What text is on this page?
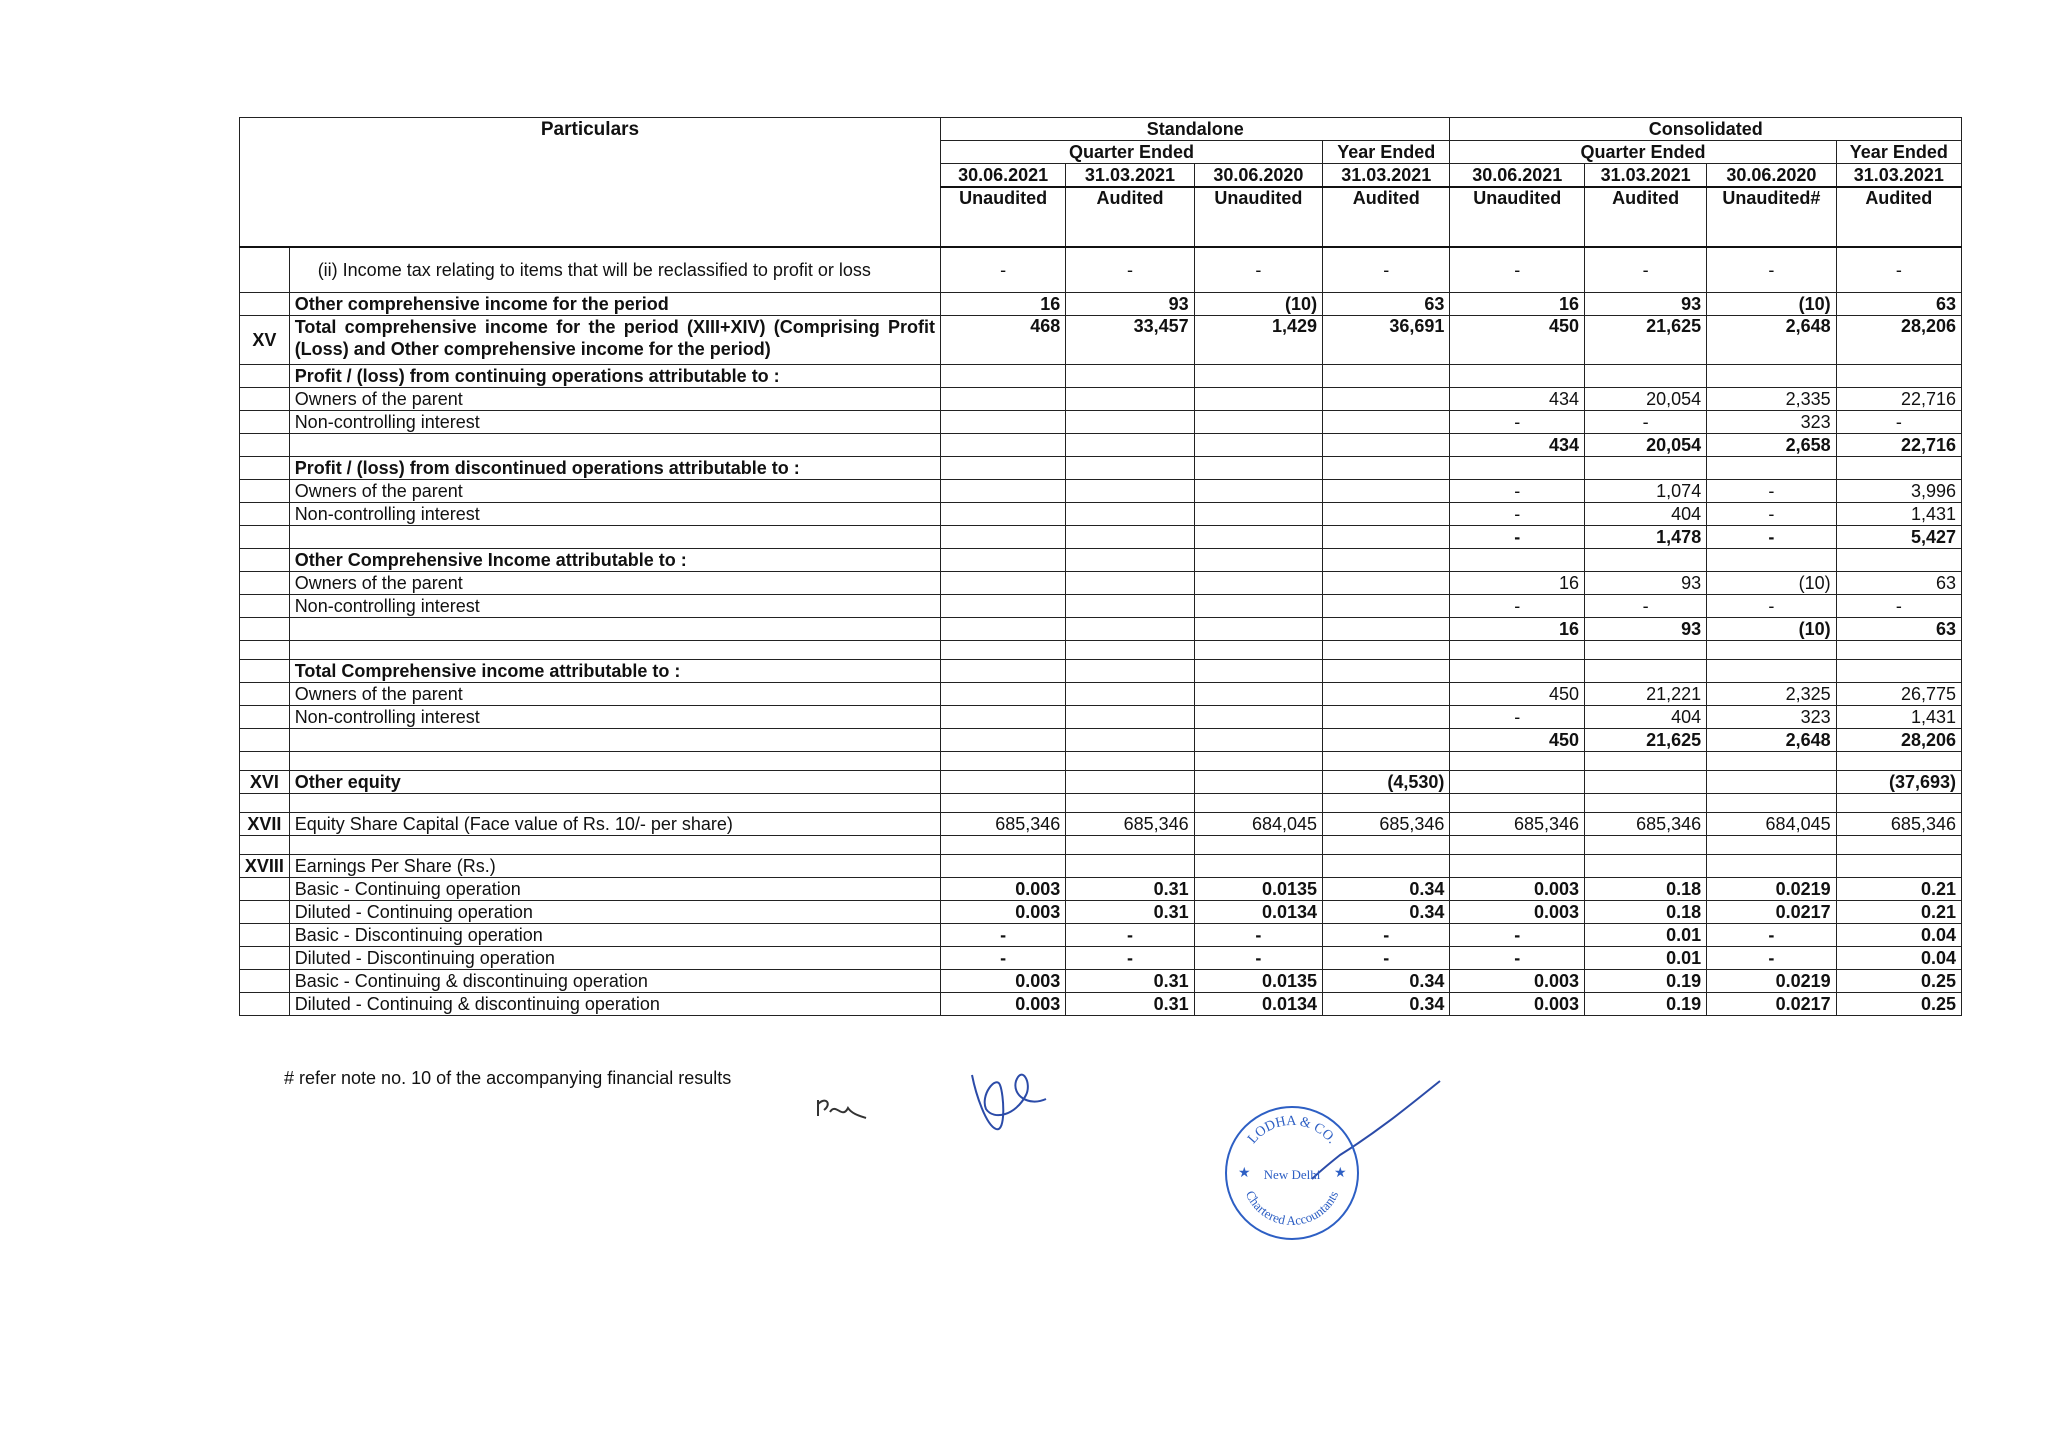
Particulars		Standalone				Consolidated			
		Quarter Ended			Year Ended	Quarter Ended			Year Ended
		30.06.2021	31.03.2021	30.06.2020	31.03.2021	30.06.2021	31.03.2021	30.06.2020	31.03.2021
		Unaudited	Audited	Unaudited	Audited	Unaudited	Audited	Unaudited#	Audited
	(ii) Income tax relating to items that will be reclassified to profit or loss	-	-	-	-	-	-	-	-
	Other comprehensive income for the period	16	93	(10)	63	16	93	(10)	63
XV	Total comprehensive income for the period (XIII+XIV) (Comprising Profit (Loss) and Other comprehensive income for the period)	468	33,457	1,429	36,691	450	21,625	2,648	28,206
	Profit / (loss) from continuing operations attributable to :								
	Owners of the parent					434	20,054	2,335	22,716
	Non-controlling interest					-	-	323	-
						434	20,054	2,658	22,716
	Profit / (loss) from discontinued operations attributable to :								
	Owners of the parent					-	1,074	-	3,996
	Non-controlling interest					-	404	-	1,431
						-	1,478	-	5,427
	Other Comprehensive Income attributable to :								
	Owners of the parent					16	93	(10)	63
	Non-controlling interest					-	-	-	-
						16	93	(10)	63

	Total Comprehensive income attributable to :								
	Owners of the parent					450	21,221	2,325	26,775
	Non-controlling interest					-	404	323	1,431
						450	21,625	2,648	28,206

XVI	Other equity				(4,530)				(37,693)

XVII	Equity Share Capital (Face value of Rs. 10/- per share)	685,346	685,346	684,045	685,346	685,346	685,346	684,045	685,346

XVIII	Earnings Per Share (Rs.)								
	Basic - Continuing operation	0.003	0.31	0.0135	0.34	0.003	0.18	0.0219	0.21
	Diluted - Continuing operation	0.003	0.31	0.0134	0.34	0.003	0.18	0.0217	0.21
	Basic - Discontinuing operation	-	-	-	-	-	0.01	-	0.04
	Diluted - Discontinuing operation	-	-	-	-	-	0.01	-	0.04
	Basic - Continuing & discontinuing operation	0.003	0.31	0.0135	0.34	0.003	0.19	0.0219	0.25
	Diluted - Continuing & discontinuing operation	0.003	0.31	0.0134	0.34	0.003	0.19	0.0217	0.25
# refer note no. 10 of the accompanying financial results
LODHA & CO.
New Delhi
Chartered Accountants
★	★
